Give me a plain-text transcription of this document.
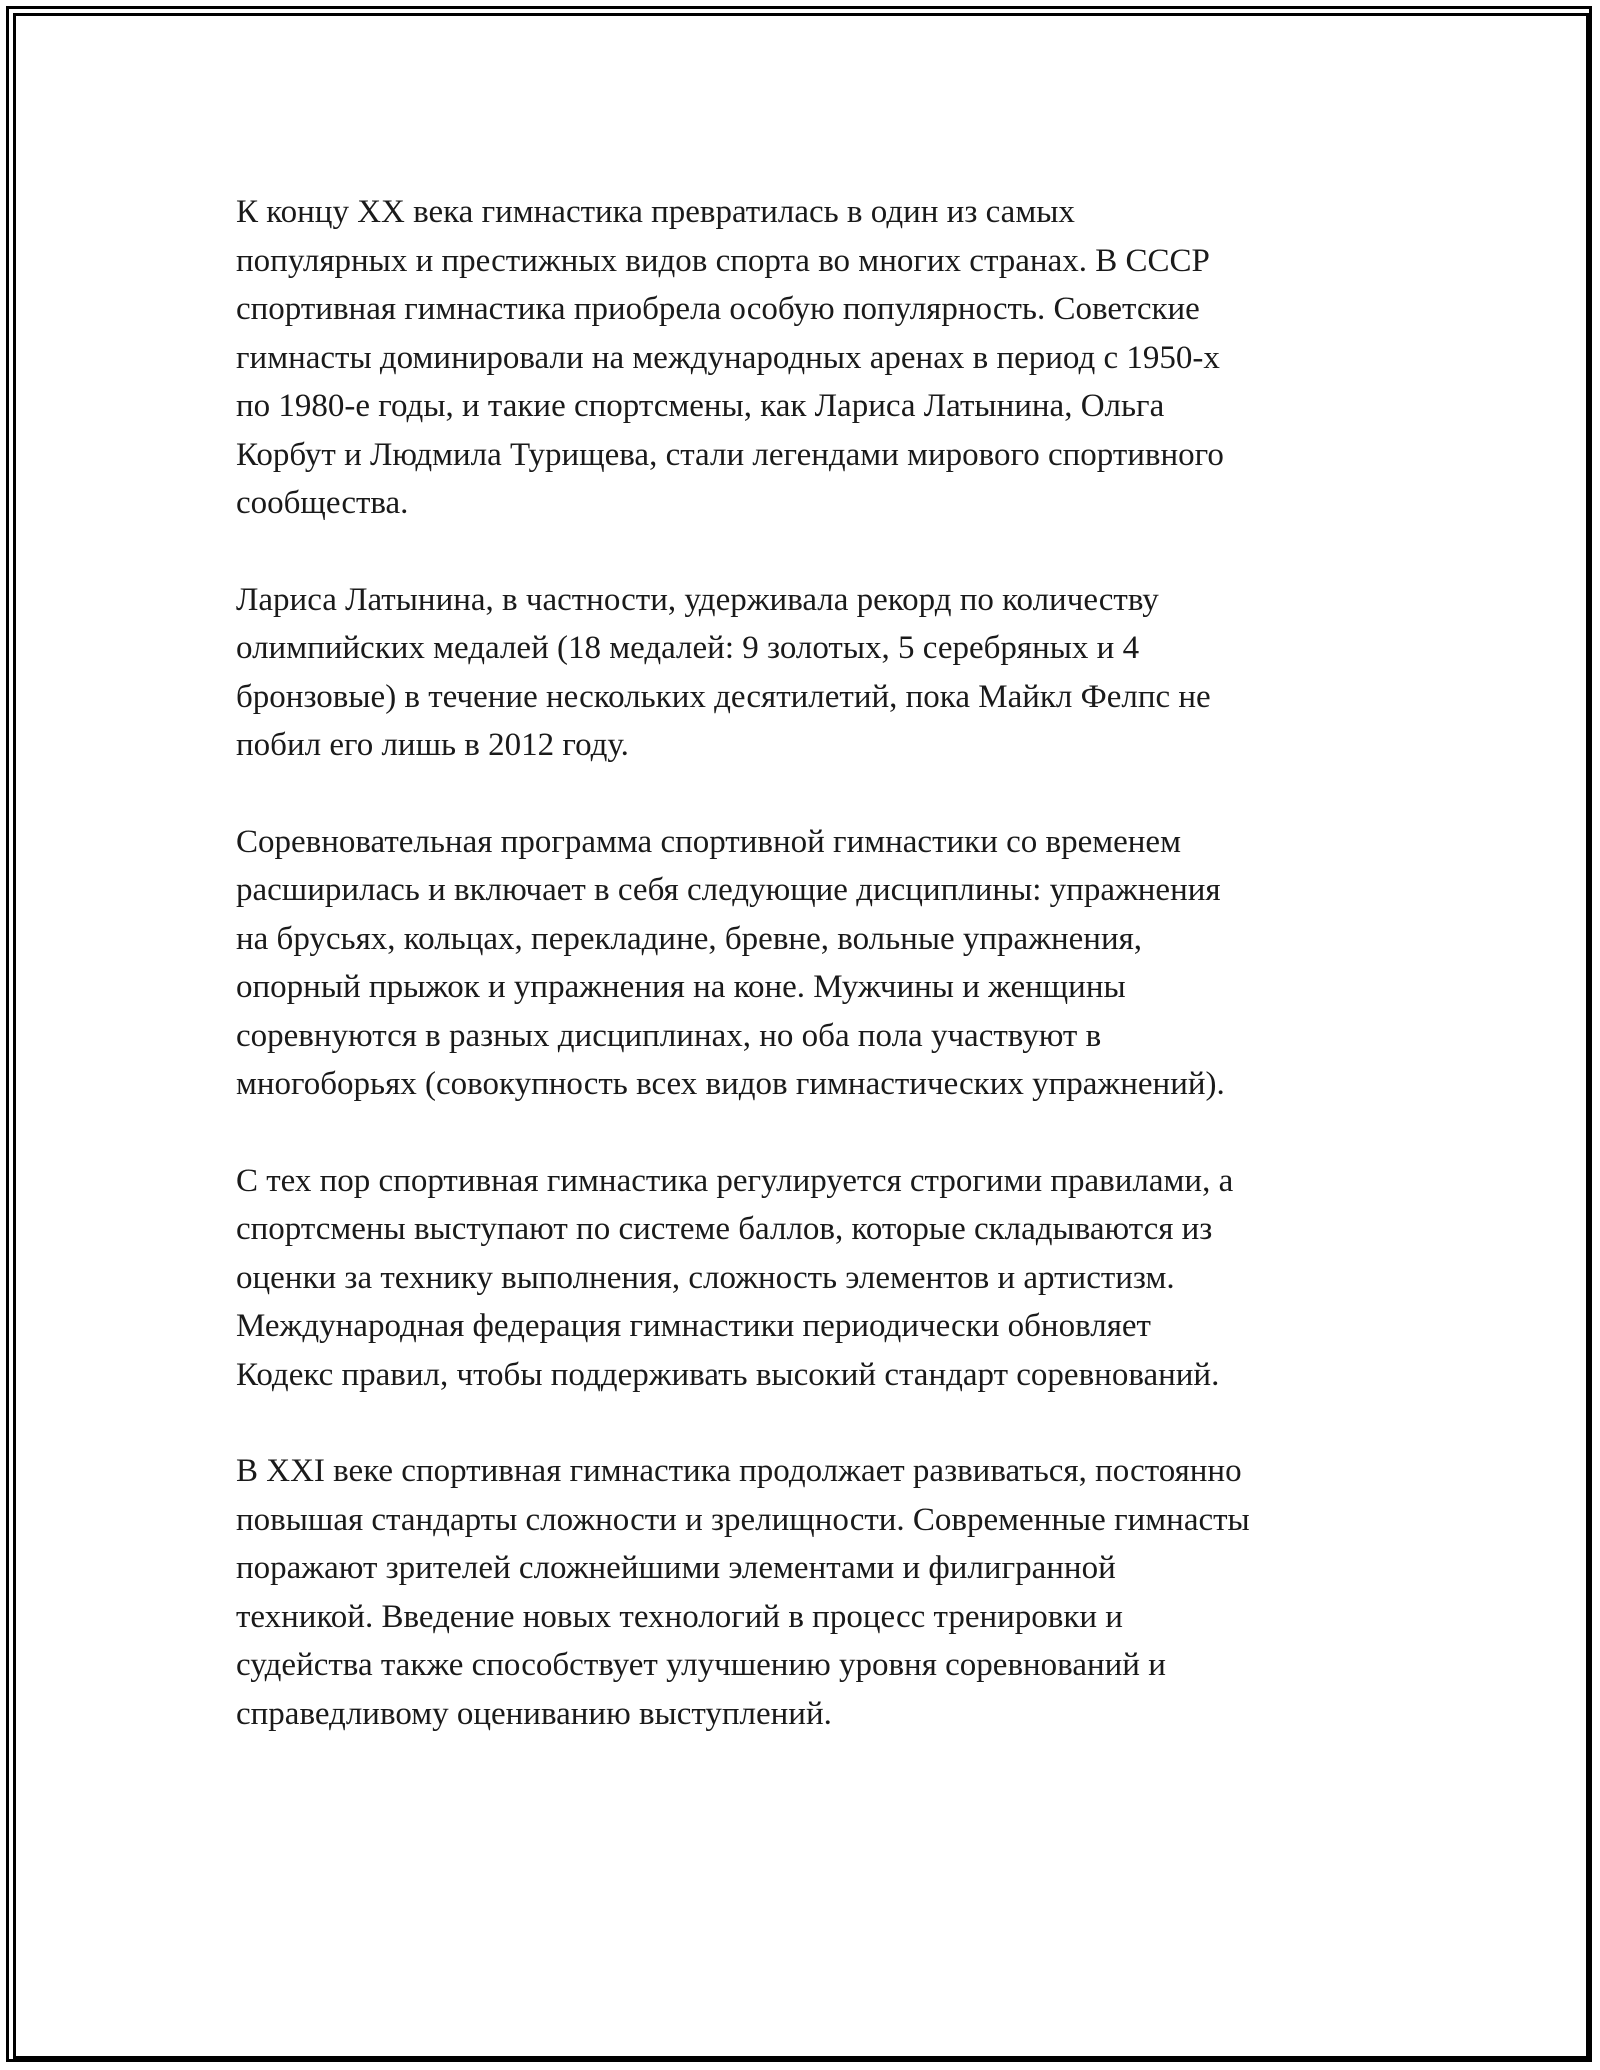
К концу XX века гимнастика превратилась в один из самых
популярных и престижных видов спорта во многих странах. В СССР
спортивная гимнастика приобрела особую популярность. Советские
гимнасты доминировали на международных аренах в период с 1950-х
по 1980-е годы, и такие спортсмены, как Лариса Латынина, Ольга
Корбут и Людмила Турищева, стали легендами мирового спортивного
сообщества.

Лариса Латынина, в частности, удерживала рекорд по количеству
олимпийских медалей (18 медалей: 9 золотых, 5 серебряных и 4
бронзовые) в течение нескольких десятилетий, пока Майкл Фелпс не
побил его лишь в 2012 году.

Соревновательная программа спортивной гимнастики со временем
расширилась и включает в себя следующие дисциплины: упражнения
на брусьях, кольцах, перекладине, бревне, вольные упражнения,
опорный прыжок и упражнения на коне. Мужчины и женщины
соревнуются в разных дисциплинах, но оба пола участвуют в
многоборьях (совокупность всех видов гимнастических упражнений).

С тех пор спортивная гимнастика регулируется строгими правилами, а
спортсмены выступают по системе баллов, которые складываются из
оценки за технику выполнения, сложность элементов и артистизм.
Международная федерация гимнастики периодически обновляет
Кодекс правил, чтобы поддерживать высокий стандарт соревнований.

В XXI веке спортивная гимнастика продолжает развиваться, постоянно
повышая стандарты сложности и зрелищности. Современные гимнасты
поражают зрителей сложнейшими элементами и филигранной
техникой. Введение новых технологий в процесс тренировки и
судейства также способствует улучшению уровня соревнований и
справедливому оцениванию выступлений.
